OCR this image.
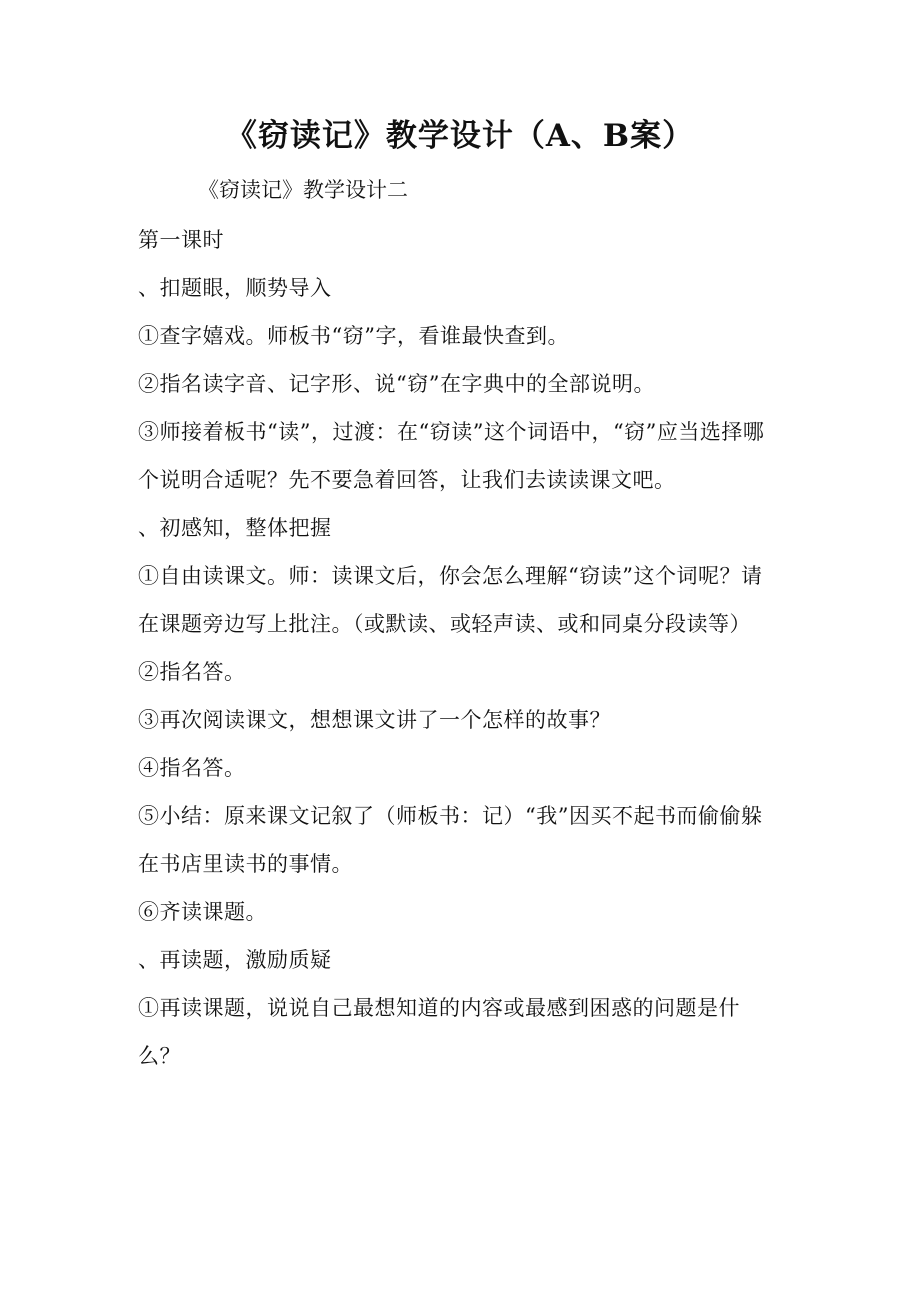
《窃读记》教学设计（A、B案）
《窃读记》教学设计二

第一课时

、扣题眼，顺势导入

①查字嬉戏。师板书“窃”字，看谁最快查到。

②指名读字音、记字形、说“窃”在字典中的全部说明。

③师接着板书“读”，过渡：在“窃读”这个词语中，“窃”应当选择哪个说明合适呢？先不要急着回答，让我们去读读课文吧。

、初感知，整体把握

①自由读课文。师：读课文后，你会怎么理解“窃读”这个词呢？请在课题旁边写上批注。（或默读、或轻声读、或和同桌分段读等）

②指名答。

③再次阅读课文，想想课文讲了一个怎样的故事？

④指名答。

⑤小结：原来课文记叙了（师板书：记）“我”因买不起书而偷偷躲在书店里读书的事情。

⑥齐读课题。

、再读题，激励质疑

①再读课题，说说自己最想知道的内容或最感到困惑的问题是什么？
